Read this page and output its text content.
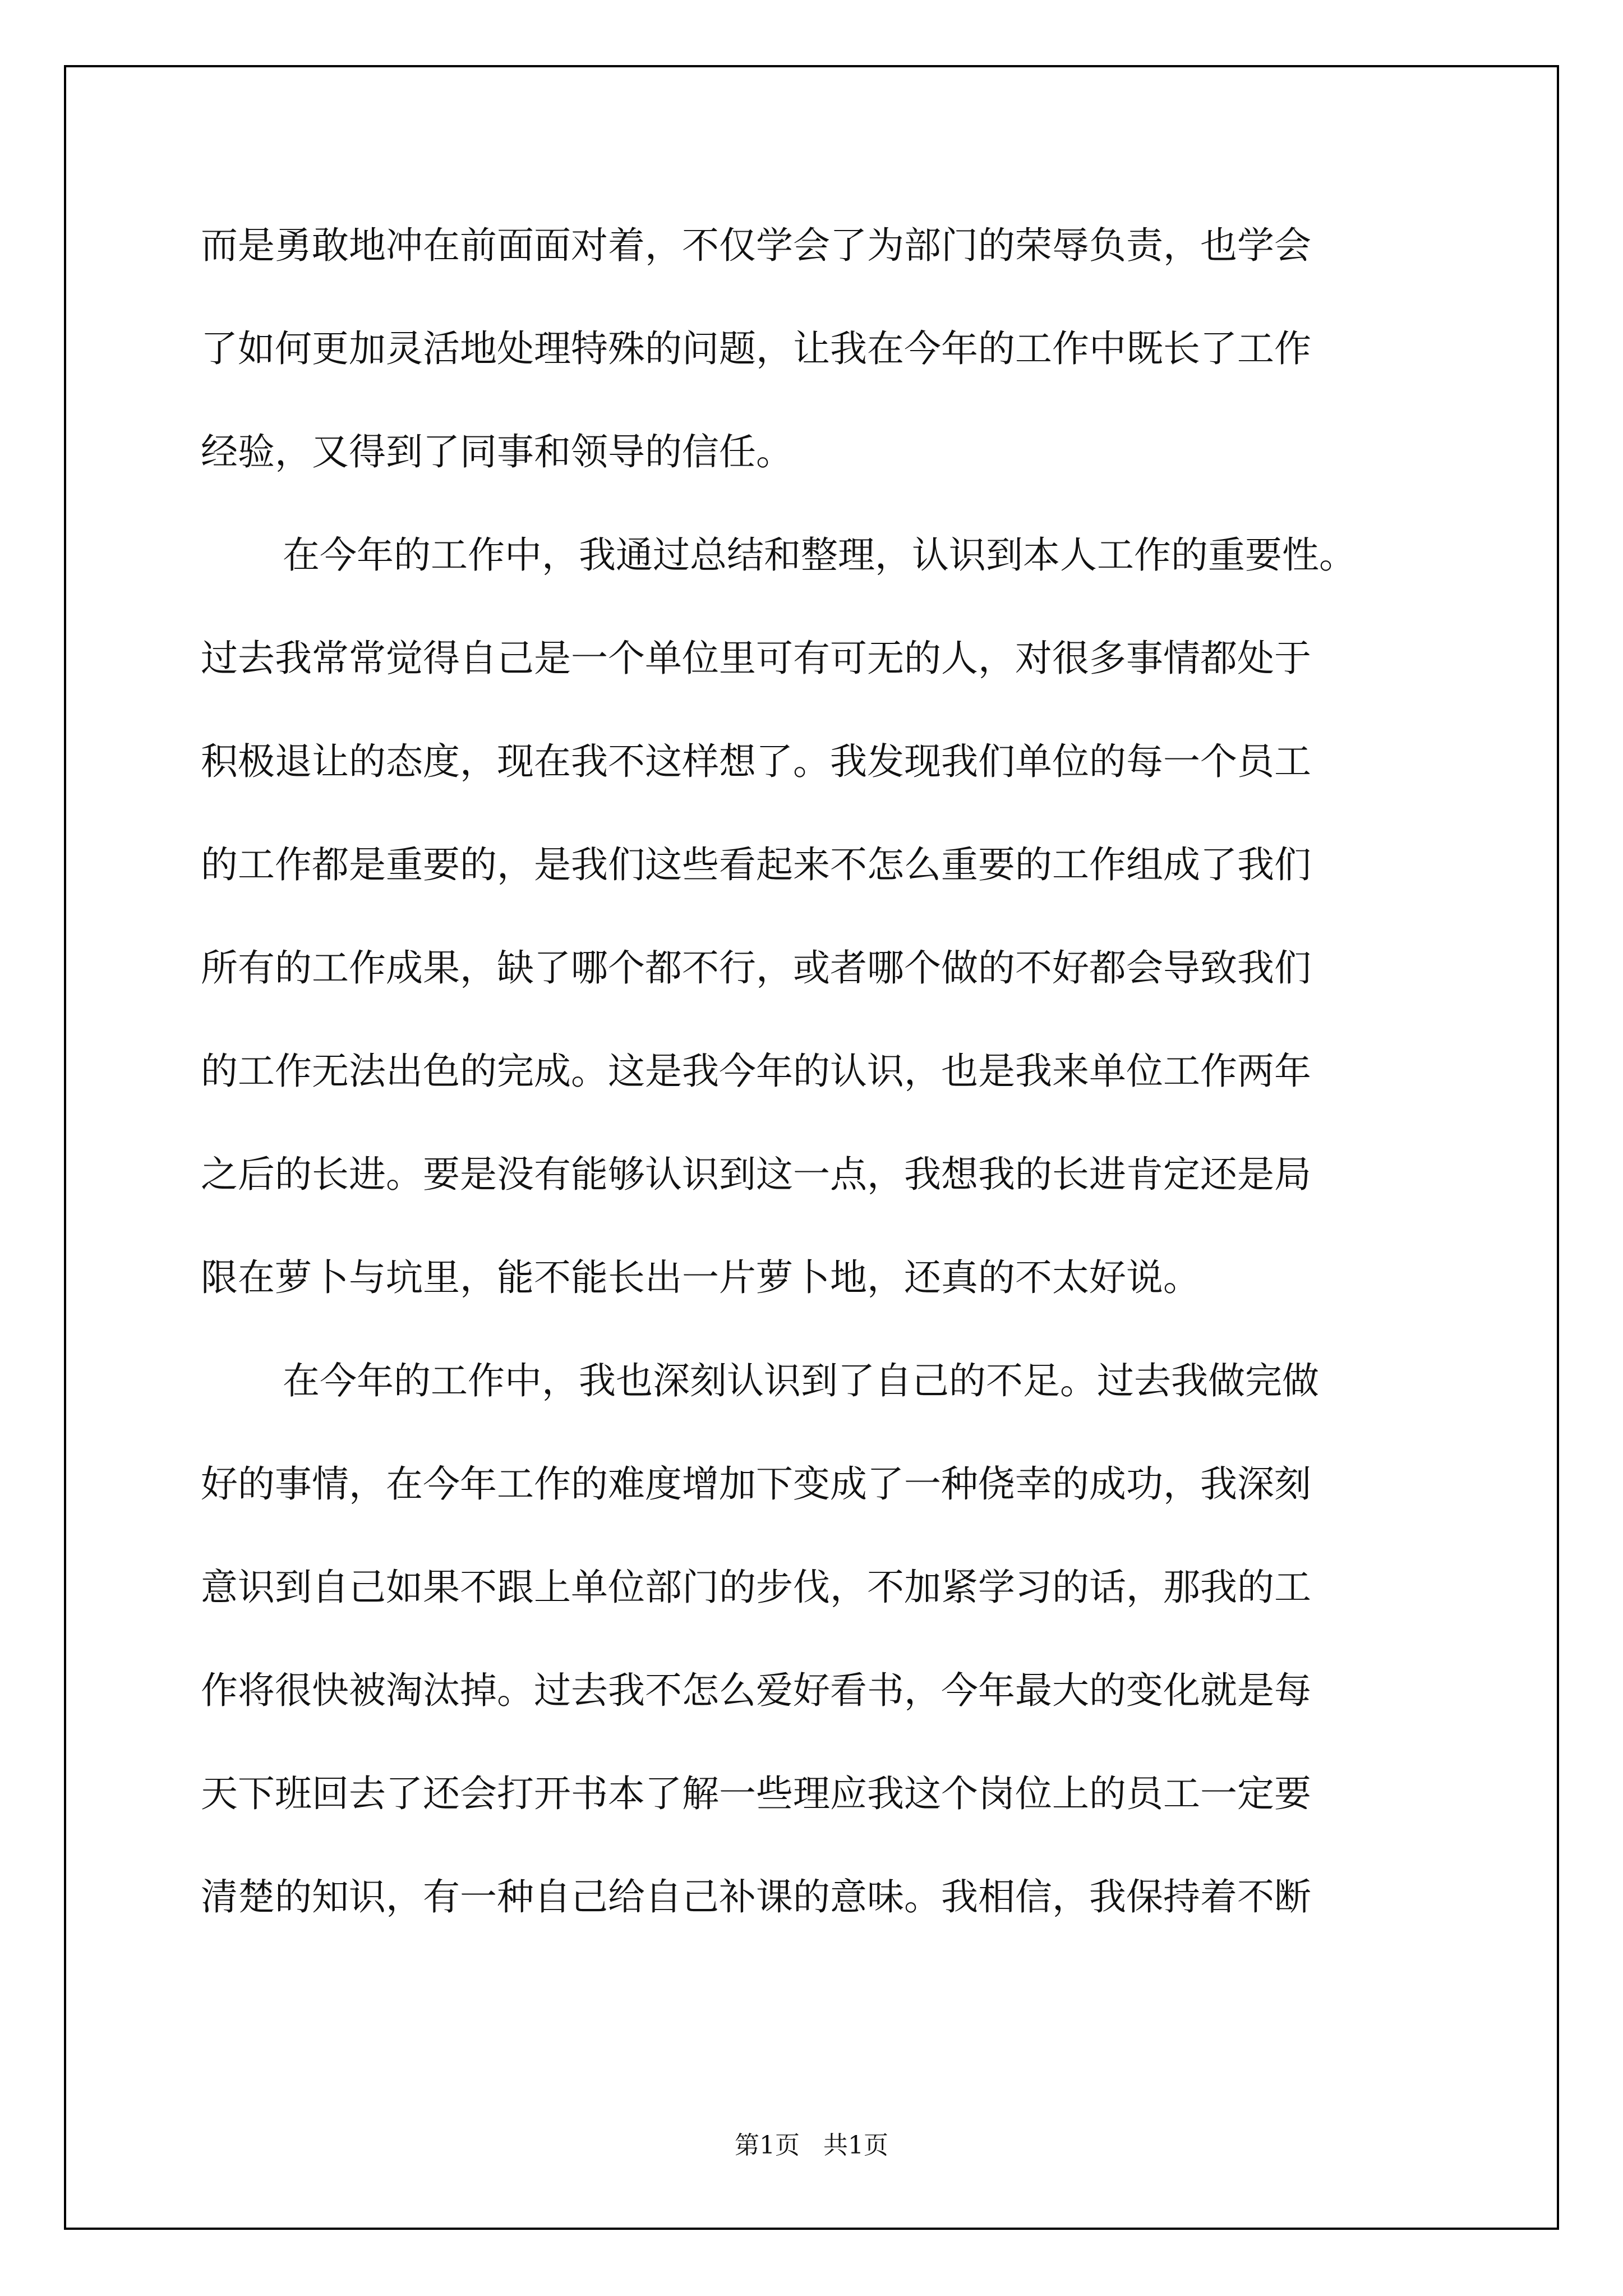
而是勇敢地冲在前面面对着，不仅学会了为部门的荣辱负责，也学会
了如何更加灵活地处理特殊的问题，让我在今年的工作中既长了工作
经验，又得到了同事和领导的信任。
在今年的工作中，我通过总结和整理，认识到本人工作的重要性。
过去我常常觉得自己是一个单位里可有可无的人，对很多事情都处于
积极退让的态度，现在我不这样想了。我发现我们单位的每一个员工
的工作都是重要的，是我们这些看起来不怎么重要的工作组成了我们
所有的工作成果，缺了哪个都不行，或者哪个做的不好都会导致我们
的工作无法出色的完成。这是我今年的认识，也是我来单位工作两年
之后的长进。要是没有能够认识到这一点，我想我的长进肯定还是局
限在萝卜与坑里，能不能长出一片萝卜地，还真的不太好说。
在今年的工作中，我也深刻认识到了自己的不足。过去我做完做
好的事情，在今年工作的难度增加下变成了一种侥幸的成功，我深刻
意识到自己如果不跟上单位部门的步伐，不加紧学习的话，那我的工
作将很快被淘汰掉。过去我不怎么爱好看书，今年最大的变化就是每
天下班回去了还会打开书本了解一些理应我这个岗位上的员工一定要
清楚的知识，有一种自己给自己补课的意味。我相信，我保持着不断
第1页   共1页
